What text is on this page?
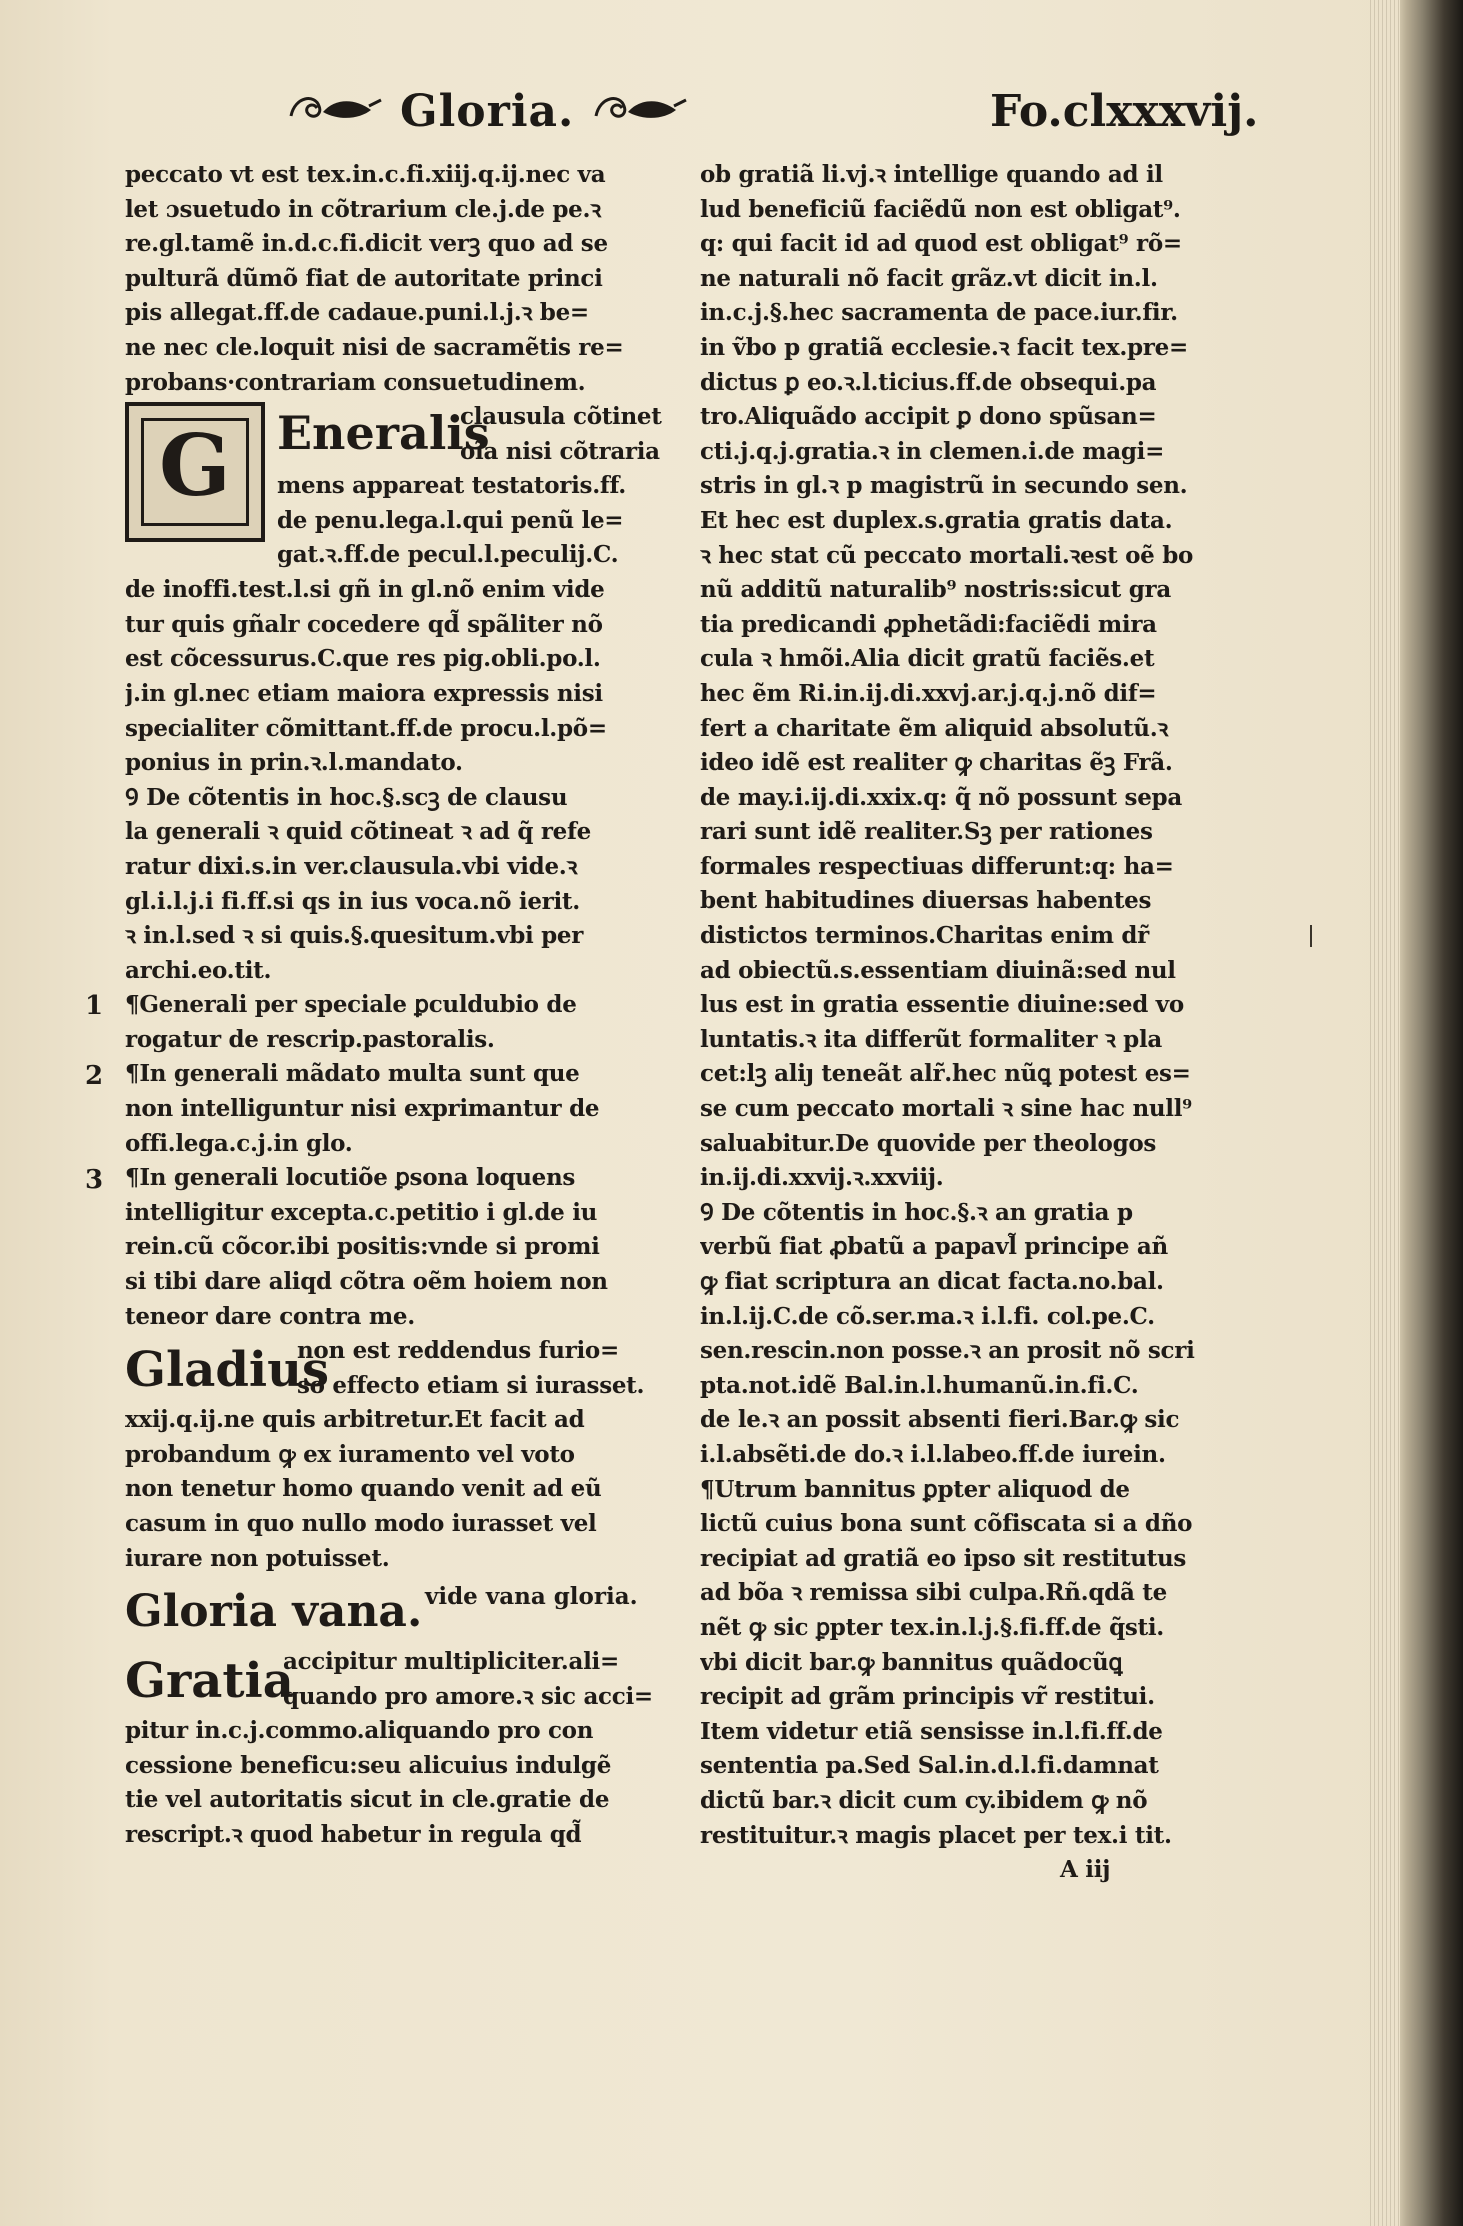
Gloria.	Fo.clxxxvij.
peccato vt est tex.in.c.fi.xiij.q.ij.nec va
let ɔsuetudo in cõtrarium cle.j.de pe.ꝛ
re.gl.tamẽ in.d.c.fi.dicit verꝫ quo ad se
pulturã dũmõ fiat de autoritate princi
pis allegat.ff.de cadaue.puni.l.j.ꝛ be=
ne nec cle.loquit nisi de sacramẽtis re=
probans·contrariam consuetudinem.
G Eneralis
clausula cõtinet
oĩa nisi cõtraria
mens appareat testatoris.ff.
de penu.lega.l.qui penũ le=
gat.ꝛ.ff.de pecul.l.peculij.C.
de inoffi.test.l.si gñ in gl.nõ enim vide
tur quis gñalr cocedere qd̃ spãliter nõ
est cõcessurus.C.que res pig.obli.po.l.
j.in gl.nec etiam maiora expressis nisi
specialiter cõmittant.ff.de procu.l.põ=
ponius in prin.ꝛ.l.mandato.
Ꝯ De cõtentis in hoc.§.scꝫ de clausu
la generali ꝛ quid cõtineat ꝛ ad q̃ refe
ratur dixi.s.in ver.clausula.vbi vide.ꝛ
gl.i.l.j.i fi.ff.si qs in ius voca.nõ ierit.
ꝛ in.l.sed ꝛ si quis.§.quesitum.vbi per
archi.eo.tit.
¶Generali per speciale ꝑculdubio de
rogatur de rescrip.pastoralis.
¶In generali mãdato multa sunt que
non intelliguntur nisi exprimantur de
offi.lega.c.j.in glo.
¶In generali locutiõe ꝑsona loquens
intelligitur excepta.c.petitio i gl.de iu
rein.cũ cõcor.ibi positis:vnde si promi
si tibi dare aliqd cõtra oẽm hoiem non
teneor dare contra me.
1
2
3
Gladius
non est reddendus furio=
so effecto etiam si iurasset.
xxij.q.ij.ne quis arbitretur.Et facit ad
probandum ꝙ ex iuramento vel voto
non tenetur homo quando venit ad eũ
casum in quo nullo modo iurasset vel
iurare non potuisset.
Gloria vana. vide vana gloria.
Gratia
accipitur multipliciter.ali=
quando pro amore.ꝛ sic acci=
pitur in.c.j.commo.aliquando pro con
cessione beneficu:seu alicuius indulgẽ
tie vel autoritatis sicut in cle.gratie de
rescript.ꝛ quod habetur in regula qd̃
ob gratiã li.vj.ꝛ intellige quando ad il
lud beneficiũ faciẽdũ non est obligat⁹.
q: qui facit id ad quod est obligat⁹ rõ=
ne naturali nõ facit grãz.vt dicit in.l.
in.c.j.§.hec sacramenta de pace.iur.fir.
in ṽbo p gratiã ecclesie.ꝛ facit tex.pre=
dictus ꝑ eo.ꝛ.l.ticius.ff.de obsequi.pa
tro.Aliquãdo accipit ꝑ dono spũsan=
cti.j.q.j.gratia.ꝛ in clemen.i.de magi=
stris in gl.ꝛ p magistrũ in secundo sen.
Et hec est duplex.s.gratia gratis data.
ꝛ hec stat cũ peccato mortali.ꝛest oẽ bo
nũ additũ naturalib⁹ nostris:sicut gra
tia predicandi ꝓphetãdi:faciẽdi mira
cula ꝛ hmõi.Alia dicit gratũ faciẽs.et
hec ẽm Ri.in.ij.di.xxvj.ar.j.q.j.nõ dif=
fert a charitate ẽm aliquid absolutũ.ꝛ
ideo idẽ est realiter ꝙ charitas ẽꝫ Frã.
de may.i.ij.di.xxix.q: q̃ nõ possunt sepa
rari sunt idẽ realiter.Sꝫ per rationes
formales respectiuas differunt:q: ha=
bent habitudines diuersas habentes
distictos terminos.Charitas enim dr̃
ad obiectũ.s.essentiam diuinã:sed nul
lus est in gratia essentie diuine:sed vo
luntatis.ꝛ ita differũt formaliter ꝛ pla
cet:lꝫ aliȷ teneãt alr̃.hec nũꝗ potest es=
se cum peccato mortali ꝛ sine hac null⁹
saluabitur.De quovide per theologos
in.ij.di.xxvij.ꝛ.xxviij.
Ꝯ De cõtentis in hoc.§.ꝛ an gratia p
verbũ fiat ꝓbatũ a papavl̃ principe añ
ꝙ fiat scriptura an dicat facta.no.bal.
in.l.ij.C.de cõ.ser.ma.ꝛ i.l.fi. col.pe.C.
sen.rescin.non posse.ꝛ an prosit nõ scri
pta.not.idẽ Bal.in.l.humanũ.in.fi.C.
de le.ꝛ an possit absenti fieri.Bar.ꝙ sic
i.l.absẽti.de do.ꝛ i.l.labeo.ff.de iurein.
¶Utrum bannitus ꝑpter aliquod de
lictũ cuius bona sunt cõfiscata si a dño
recipiat ad gratiã eo ipso sit restitutus
ad bõa ꝛ remissa sibi culpa.Rñ.qdã te
nẽt ꝙ sic ꝑpter tex.in.l.j.§.fi.ff.de q̃sti.
vbi dicit bar.ꝙ bannitus quãdocũꝗ
recipit ad grãm principis vr̃ restitui.
Item videtur etiã sensisse in.l.fi.ff.de
sententia pa.Sed Sal.in.d.l.fi.damnat
dictũ bar.ꝛ dicit cum cy.ibidem ꝙ nõ
restituitur.ꝛ magis placet per tex.i tit.
A iij
